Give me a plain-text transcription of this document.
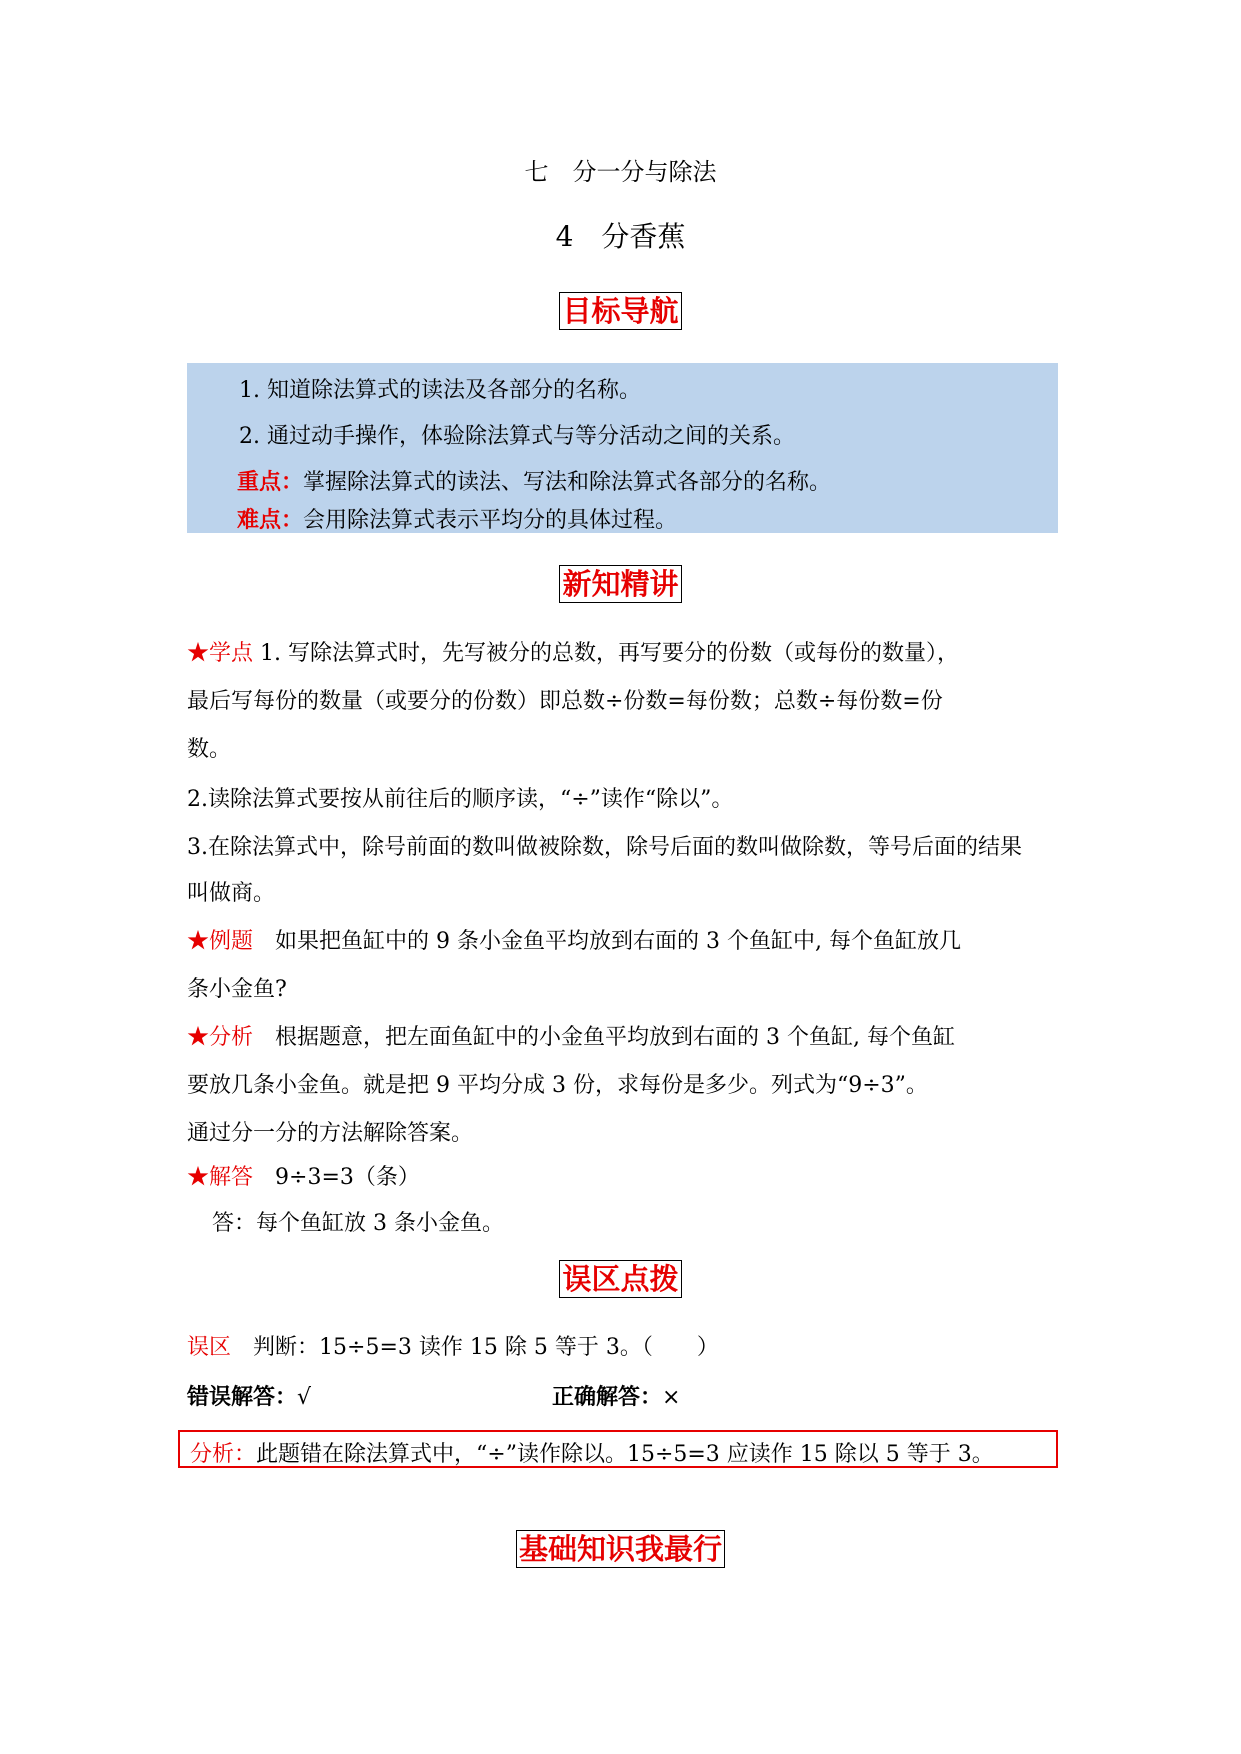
七　分一分与除法
4　分香蕉
目标导航
1. 知道除法算式的读法及各部分的名称。
2. 通过动手操作，体验除法算式与等分活动之间的关系。
重点：掌握除法算式的读法、写法和除法算式各部分的名称。
难点：会用除法算式表示平均分的具体过程。
新知精讲
★学点 1. 写除法算式时，先写被分的总数，再写要分的份数（或每份的数量），
最后写每份的数量（或要分的份数）即总数÷份数=每份数；总数÷每份数=份
数。
2.读除法算式要按从前往后的顺序读，“÷”读作“除以”。
3.在除法算式中，除号前面的数叫做被除数，除号后面的数叫做除数，等号后面的结果
叫做商。
★例题　如果把鱼缸中的 9 条小金鱼平均放到右面的 3 个鱼缸中, 每个鱼缸放几
条小金鱼?
★分析　根据题意，把左面鱼缸中的小金鱼平均放到右面的 3 个鱼缸, 每个鱼缸
要放几条小金鱼。就是把 9 平均分成 3 份，求每份是多少。列式为“9÷3”。
通过分一分的方法解除答案。
★解答　9÷3=3（条）
答：每个鱼缸放 3 条小金鱼。
误区点拨
误区　判断：15÷5=3 读作 15 除 5 等于 3。（　　）
错误解答：√	正确解答：×
分析：此题错在除法算式中，“÷”读作除以。15÷5=3 应读作 15 除以 5 等于 3。
基础知识我最行
